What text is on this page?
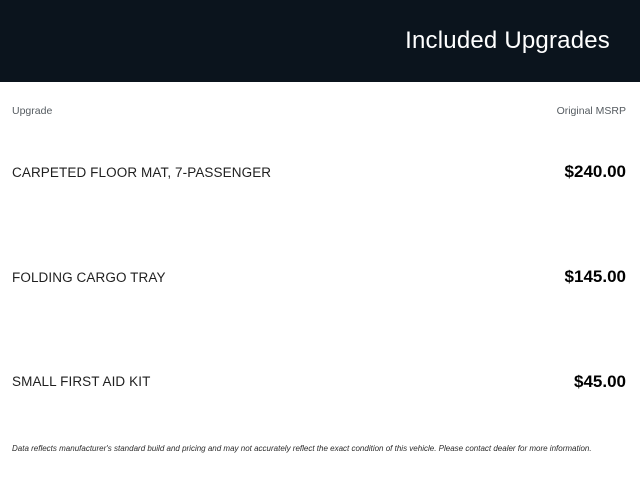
Included Upgrades
Upgrade	Original MSRP
CARPETED FLOOR MAT, 7-PASSENGER	$240.00
FOLDING CARGO TRAY	$145.00
SMALL FIRST AID KIT	$45.00
Data reflects manufacturer's standard build and pricing and may not accurately reflect the exact condition of this vehicle. Please contact dealer for more information.
